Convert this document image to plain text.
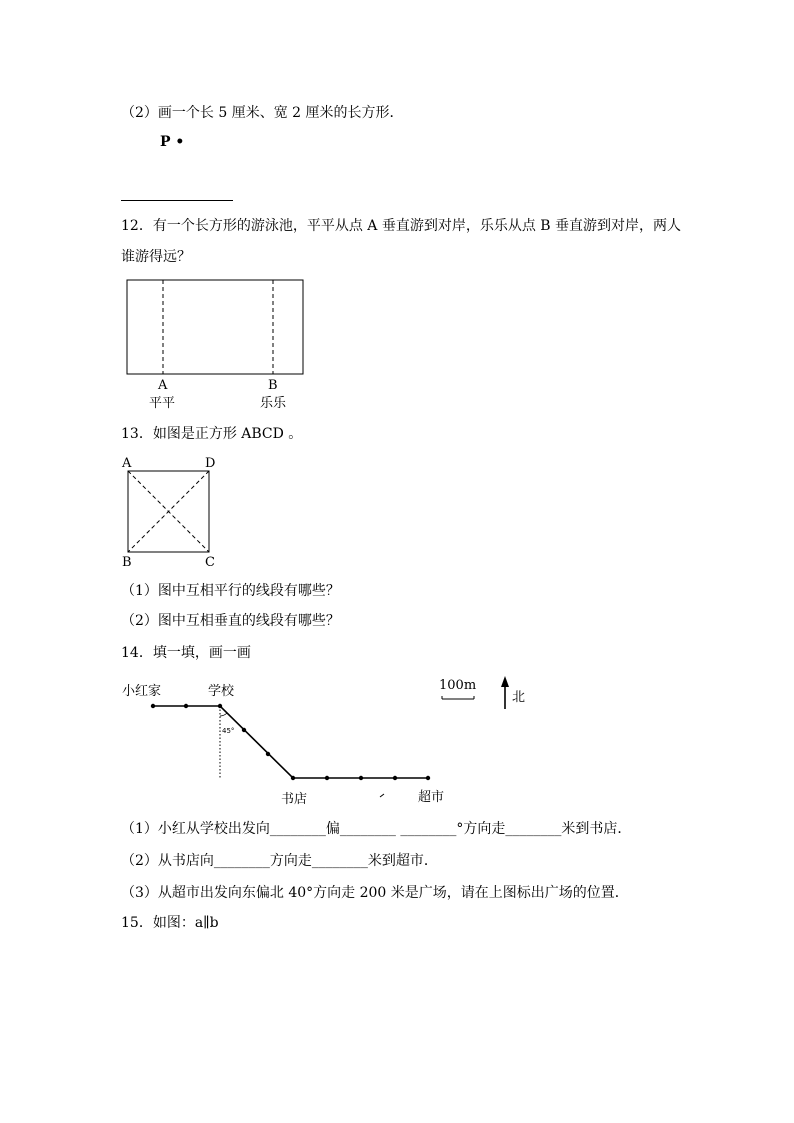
（2）画一个长 5 厘米、宽 2 厘米的长方形．
P •
12．有一个长方形的游泳池，平平从点 A 垂直游到对岸，乐乐从点 B 垂直游到对岸，两人
谁游得远？
A	B
平平	乐乐
13．如图是正方形 ABCD 。
A	D
B	C
（1）图中互相平行的线段有哪些？
（2）图中互相垂直的线段有哪些？
14．填一填，画一画
小红家	学校
书店	超市
45°
100m
北
（1）小红从学校出发向________偏________ ________°方向走________米到书店．
（2）从书店向________方向走________米到超市．
（3）从超市出发向东偏北 40°方向走 200 米是广场，请在上图标出广场的位置．
15．如图：a∥b
